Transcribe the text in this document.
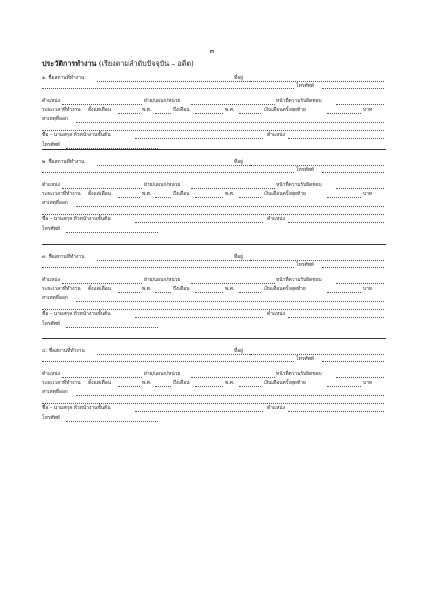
๓
ประวัติการทำงาน (เรียงตามลำดับปัจจุบัน – อดีต)
๑. ชื่อสถานที่ทำงาน	ที่อยู่
โทรศัพท์
ตำแหน่ง	ฝ่าย/แผนก/หน่วย	หน้าที่ความรับผิดชอบ
ระยะเวลาที่ทำงาน ตั้งแต่เดือน	พ.ศ.	ถึงเดือน	พ.ศ.	เงินเดือนครั้งสุดท้าย	บาท
สาเหตุที่ออก
ชื่อ – นามสกุล หัวหน้างานชั้นต้น	ตำแหน่ง
โทรศัพท์
๒. ชื่อสถานที่ทำงาน	ที่อยู่
โทรศัพท์
ตำแหน่ง	ฝ่าย/แผนก/หน่วย	หน้าที่ความรับผิดชอบ
ระยะเวลาที่ทำงาน ตั้งแต่เดือน	พ.ศ.	ถึงเดือน	พ.ศ.	เงินเดือนครั้งสุดท้าย	บาท
สาเหตุที่ออก
ชื่อ – นามสกุล หัวหน้างานชั้นต้น	ตำแหน่ง
โทรศัพท์
๓. ชื่อสถานที่ทำงาน	ที่อยู่
โทรศัพท์
ตำแหน่ง	ฝ่าย/แผนก/หน่วย	หน้าที่ความรับผิดชอบ
ระยะเวลาที่ทำงาน ตั้งแต่เดือน	พ.ศ.	ถึงเดือน	พ.ศ.	เงินเดือนครั้งสุดท้าย	บาท
สาเหตุที่ออก
ชื่อ – นามสกุล หัวหน้างานชั้นต้น	ตำแหน่ง
โทรศัพท์
๔. ชื่อสถานที่ทำงาน	ที่อยู่
โทรศัพท์
ตำแหน่ง	ฝ่าย/แผนก/หน่วย	หน้าที่ความรับผิดชอบ
ระยะเวลาที่ทำงาน ตั้งแต่เดือน	พ.ศ.	ถึงเดือน	พ.ศ.	เงินเดือนครั้งสุดท้าย	บาท
สาเหตุที่ออก
ชื่อ – นามสกุล หัวหน้างานชั้นต้น	ตำแหน่ง
โทรศัพท์
